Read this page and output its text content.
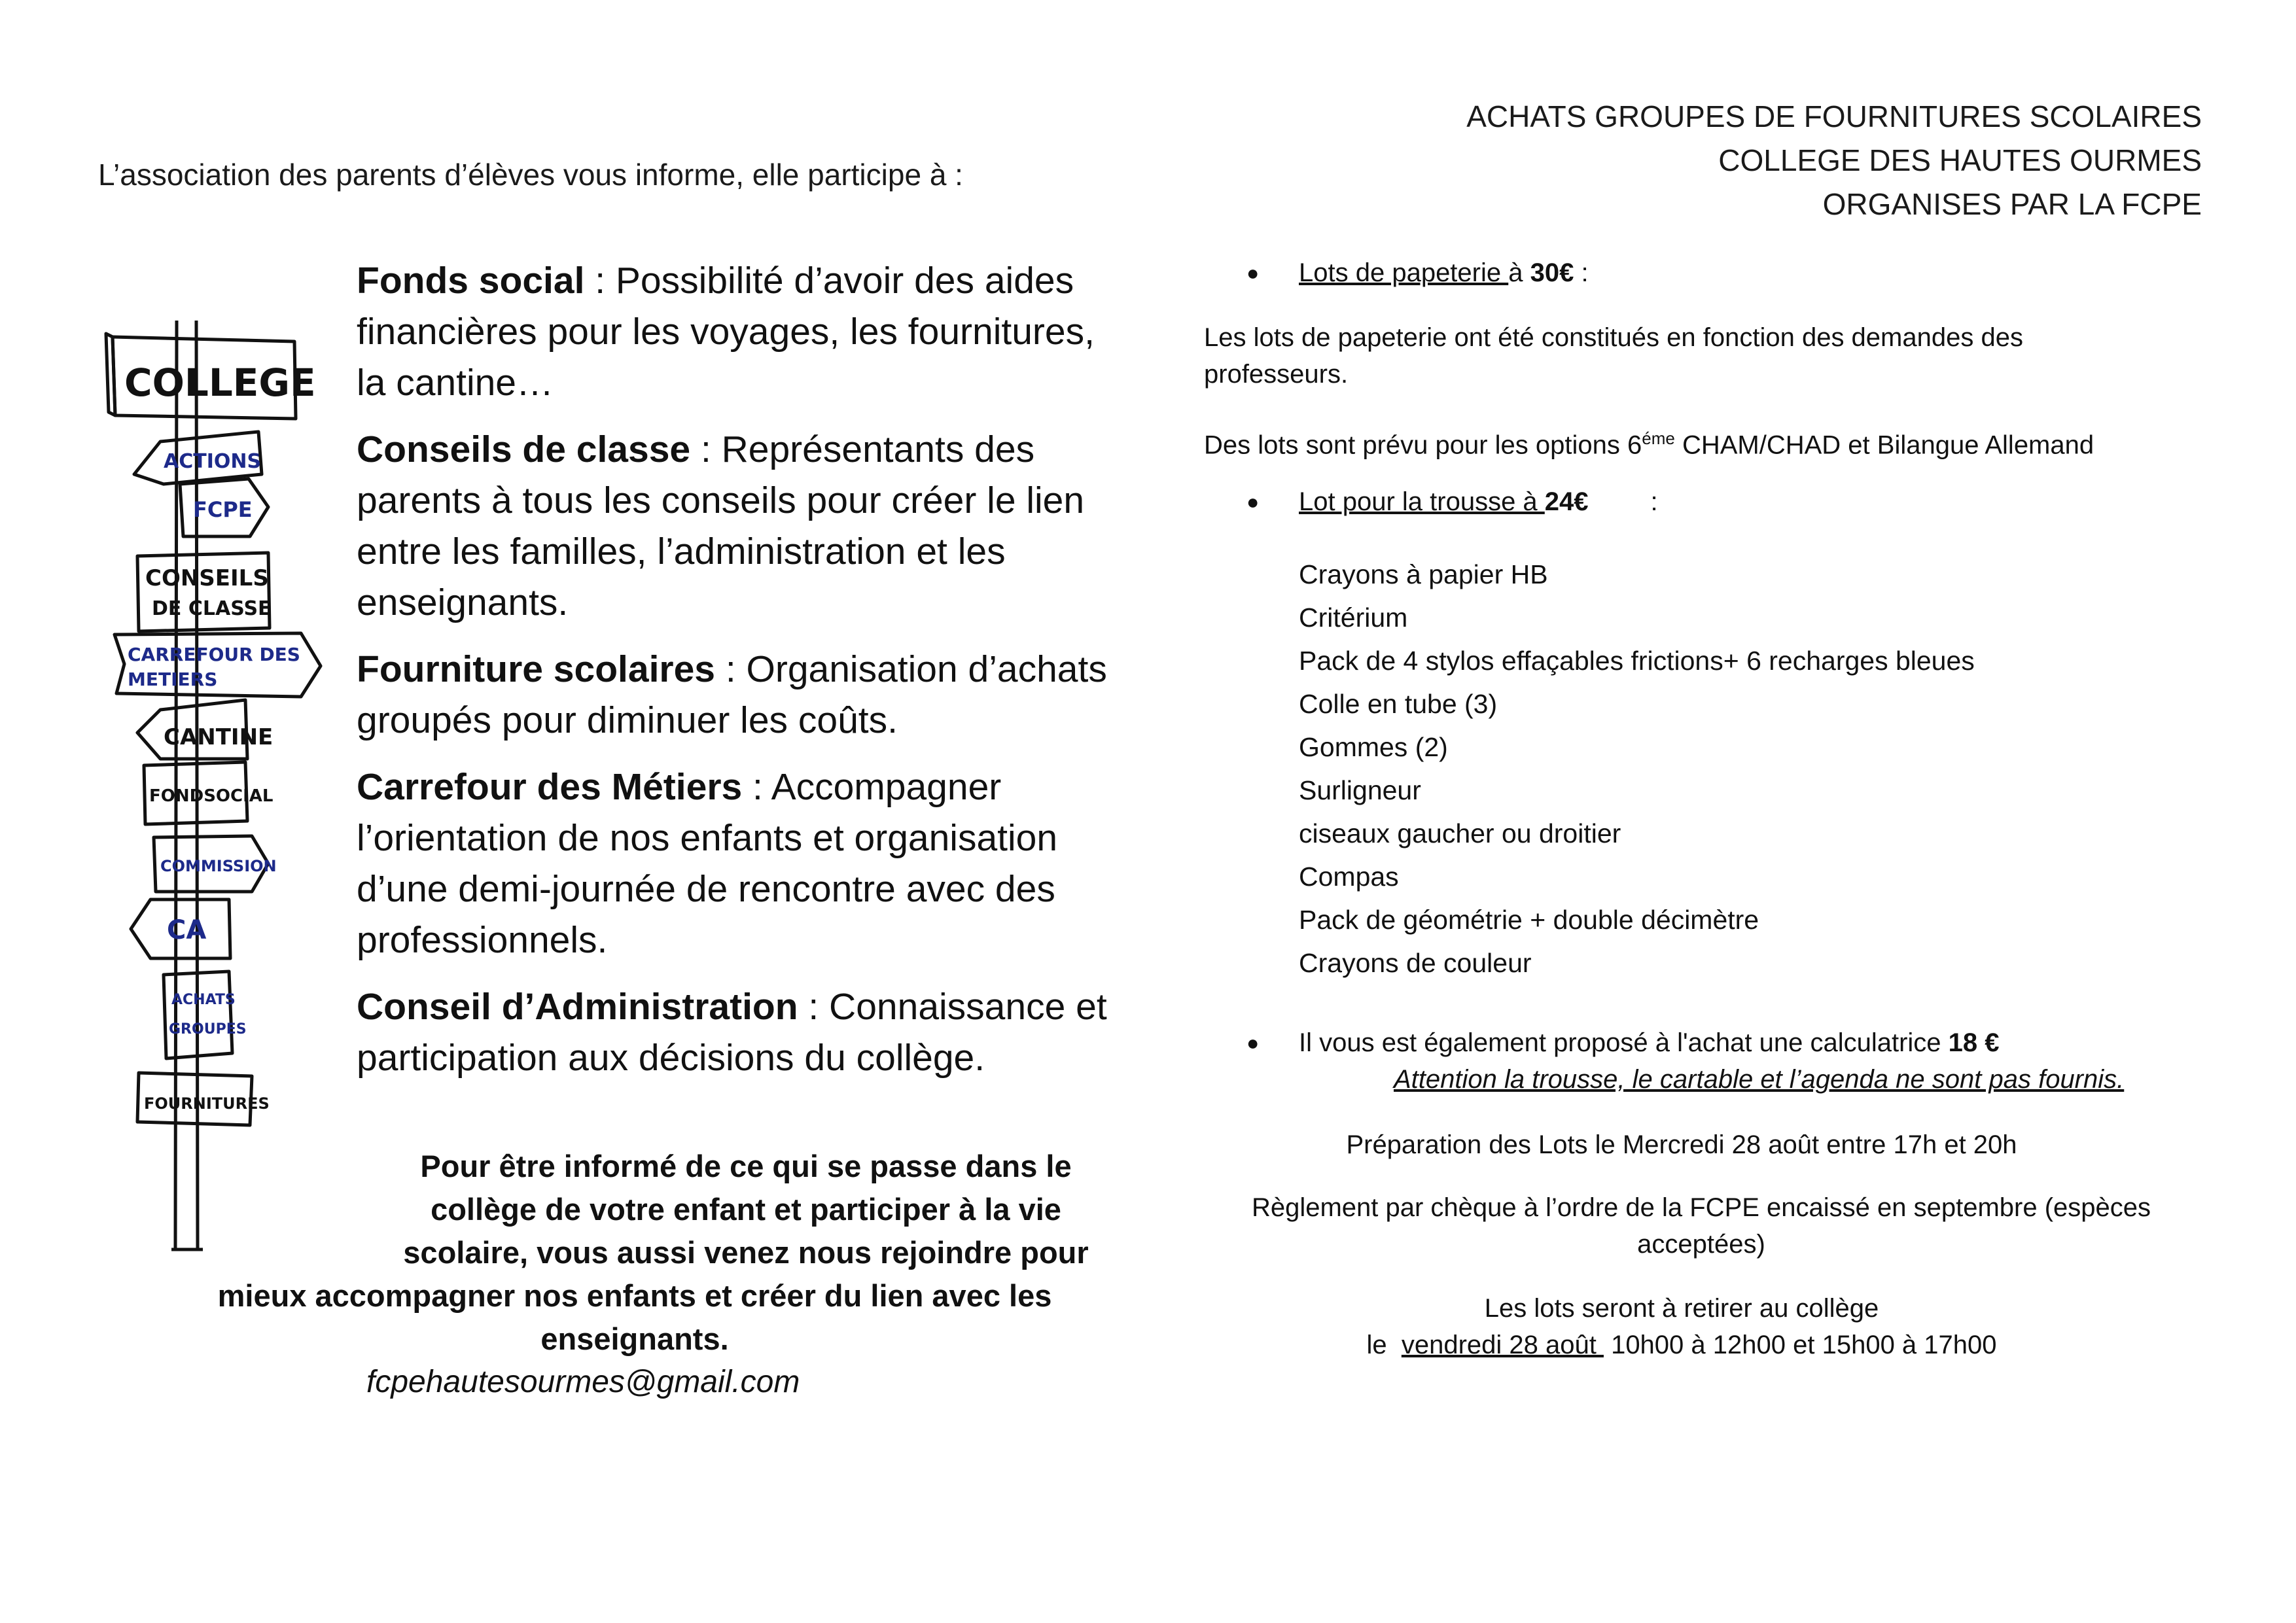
ACHATS GROUPES DE FOURNITURES SCOLAIRES
COLLEGE DES HAUTES OURMES
ORGANISES PAR LA FCPE
L’association des parents d’élèves vous informe, elle participe à :
COLLEGE
ACTIONS
FCPE
CONSEILS
DE CLASSE
CARREFOUR DES
METIERS
CANTINE
FONDSOCIAL
COMMISSION
CA
ACHATS
GROUPES
FOURNITURES
Fonds social : Possibilité d’avoir des aides financières pour les voyages, les fournitures, la cantine…
Conseils de classe : Représentants des parents à tous les conseils pour créer le lien entre les familles, l’administration et les enseignants.
Fourniture scolaires : Organisation d’achats groupés pour diminuer les coûts.
Carrefour des Métiers : Accompagner l’orientation de nos enfants et organisation d’une demi-journée de rencontre avec des professionnels.
Conseil d’Administration : Connaissance et participation aux décisions du collège.
Pour être informé de ce qui se passe dans le
collège de votre enfant et participer à la vie
scolaire, vous aussi venez nous rejoindre pour
mieux accompagner nos enfants et créer du lien avec les
enseignants.
fcpehautesourmes@gmail.com
● Lots de papeterie à 30€ :
Les lots de papeterie ont été constitués en fonction des demandes des professeurs.
Des lots sont prévu pour les options $6^{éme}$ CHAM/CHAD et Bilangue Allemand
● Lot pour la trousse à 24€ :
Crayons à papier HB
Critérium
Pack de 4 stylos effaçables frictions+ 6 recharges bleues
Colle en tube (3)
Gommes (2)
Surligneur
ciseaux gaucher ou droitier
Compas
Pack de géométrie + double décimètre
Crayons de couleur
● Il vous est également proposé à l'achat une calculatrice 18 €
Attention la trousse, le cartable et l’agenda ne sont pas fournis.
Préparation des Lots le Mercredi 28 août entre 17h et 20h
Règlement par chèque à l’ordre de la FCPE encaissé en septembre (espèces acceptées)
Les lots seront à retirer au collège
le  vendredi 28 août  10h00 à 12h00 et 15h00 à 17h00
